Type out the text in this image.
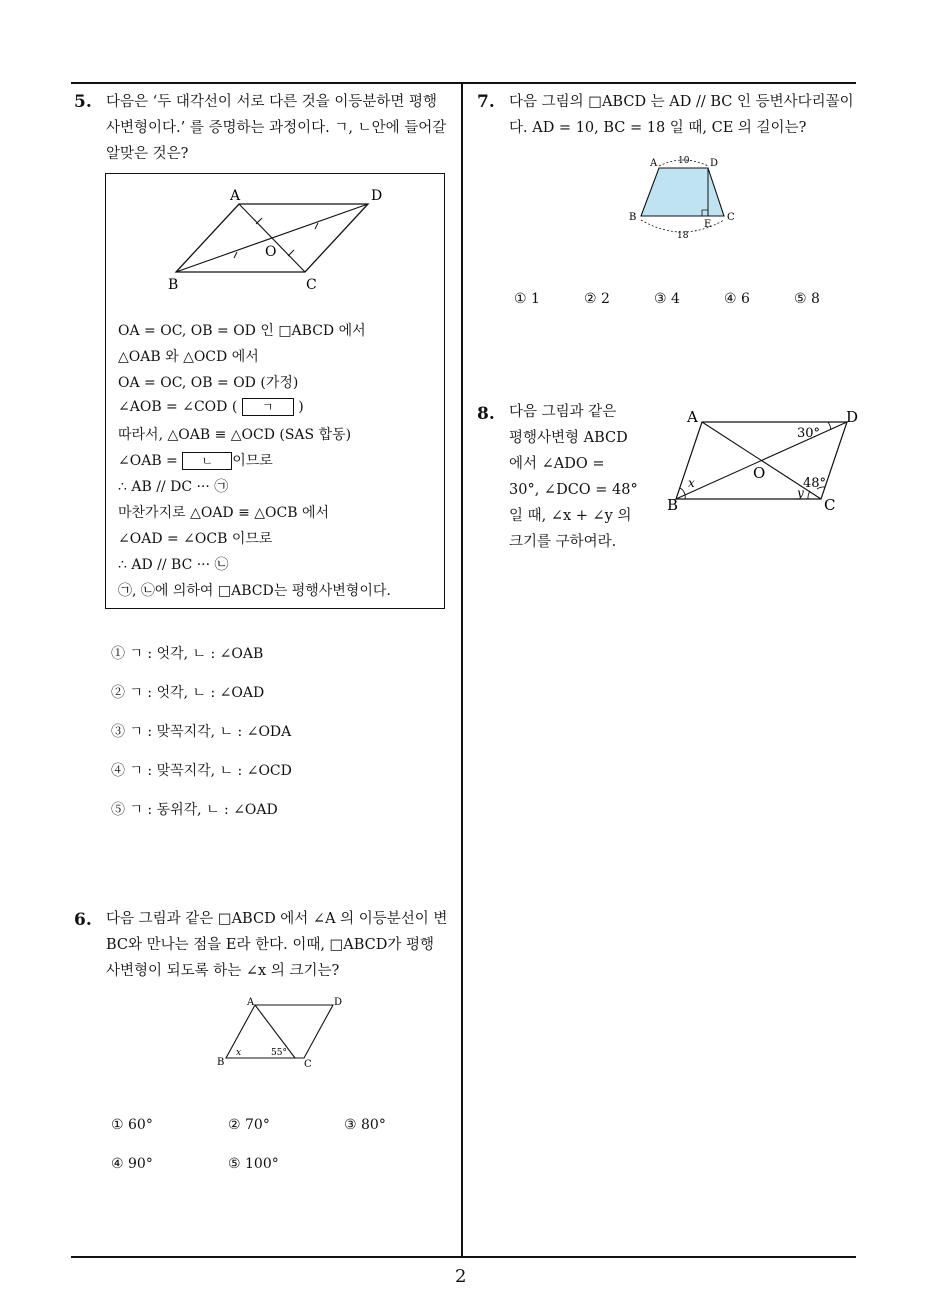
5. 다음은 ‘두 대각선이 서로 다른 것을 이등분하면 평행
사변형이다.’ 를 증명하는 과정이다. ㄱ, ㄴ안에 들어갈
알맞은 것은?
A	D
B	C
O
OA = OC, OB = OD 인 □ABCD 에서
△OAB 와 △OCD 에서
OA = OC, OB = OD (가정)
∠AOB = ∠COD ( ㄱ )
따라서, △OAB ≡ △OCD (SAS 합동)
∠OAB = ㄴ 이므로
∴ AB // DC ··· ㉠
마찬가지로 △OAD ≡ △OCB 에서
∠OAD = ∠OCB 이므로
∴ AD // BC ··· ㉡
㉠, ㉡에 의하여 □ABCD는 평행사변형이다.
① ㄱ : 엇각, ㄴ : ∠OAB
② ㄱ : 엇각, ㄴ : ∠OAD
③ ㄱ : 맞꼭지각, ㄴ : ∠ODA
④ ㄱ : 맞꼭지각, ㄴ : ∠OCD
⑤ ㄱ : 동위각, ㄴ : ∠OAD
6. 다음 그림과 같은 □ABCD 에서 ∠A 의 이등분선이 변
BC와 만나는 점을 E라 한다. 이때, □ABCD가 평행
사변형이 되도록 하는 ∠x 의 크기는?
A	D
B	C
x	55°
① 60°	② 70°	③ 80°
④ 90°	⑤ 100°
7. 다음 그림의 □ABCD 는 AD // BC 인 등변사다리꼴이
다. AD = 10, BC = 18 일 때, CE 의 길이는?
A	D
B	C
E
10
18
① 1	② 2	③ 4	④ 6	⑤ 8
8. 다음 그림과 같은
평행사변형 ABCD
에서 ∠ADO =
30°, ∠DCO = 48°
일 때, ∠x + ∠y 의
크기를 구하여라.
A	D
B	C
O
30°
48°
x
y
2
